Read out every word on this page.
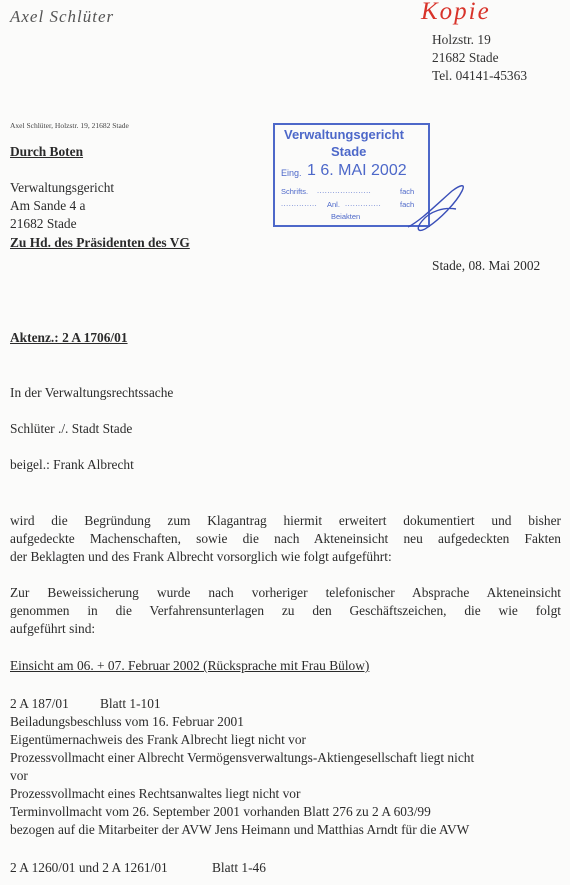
Axel Schlüter	Kopie
Holzstr. 19
21682 Stade
Tel. 04141-45363
Axel Schlüter, Holzstr. 19, 21682 Stade
Durch Boten
Verwaltungsgericht
Am Sande 4 a
21682 Stade
Zu Hd. des Präsidenten des VG
Verwaltungsgericht
Stade
Eing. 1 6. MAI 2002
Schrifts. .....................	fach
.............. Anl. ..............	fach
Beiakten
Stade, 08. Mai 2002
Aktenz.: 2 A 1706/01
In der Verwaltungsrechtssache
Schlüter ./. Stadt Stade
beigel.: Frank Albrecht
wird die Begründung zum Klagantrag hiermit erweitert dokumentiert und bisher
aufgedeckte Machenschaften, sowie die nach Akteneinsicht neu aufgedeckten Fakten
der Beklagten und des Frank Albrecht vorsorglich wie folgt aufgeführt:
Zur Beweissicherung wurde nach vorheriger telefonischer Absprache Akteneinsicht
genommen in die Verfahrensunterlagen zu den Geschäftszeichen, die wie folgt
aufgeführt sind:
Einsicht am 06. + 07. Februar 2002 (Rücksprache mit Frau Bülow)
2 A 187/01 Blatt 1-101
Beiladungsbeschluss vom 16. Februar 2001
Eigentümernachweis des Frank Albrecht liegt nicht vor
Prozessvollmacht einer Albrecht Vermögensverwaltungs-Aktiengesellschaft liegt nicht
vor
Prozessvollmacht eines Rechtsanwaltes liegt nicht vor
Terminvollmacht vom 26. September 2001 vorhanden Blatt 276 zu 2 A 603/99
bezogen auf die Mitarbeiter der AVW Jens Heimann und Matthias Arndt für die AVW
2 A 1260/01 und 2 A 1261/01	Blatt 1-46
